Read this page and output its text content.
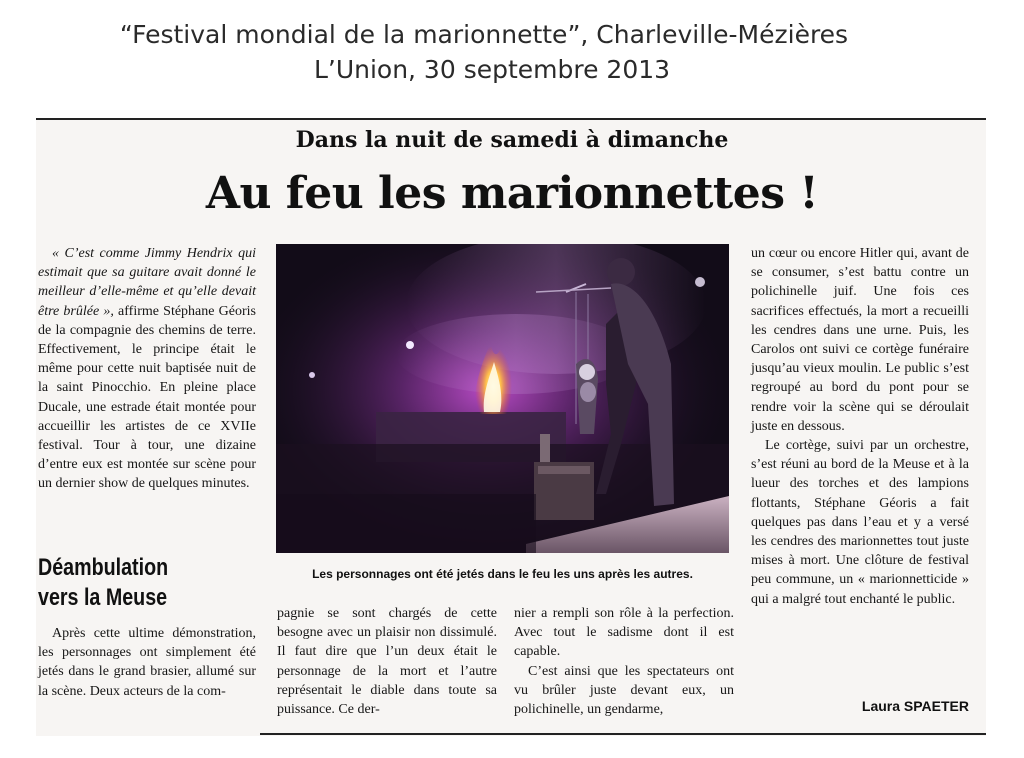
“Festival mondial de la marionnette”, Charleville-Mézières
L’Union, 30 septembre 2013
Dans la nuit de samedi à dimanche
Au feu les marionnettes !

« C’est comme Jimmy Hendrix qui estimait que sa guitare avait donné le meilleur d’elle-même et qu’elle devait être brûlée », affirme Stéphane Géoris de la compagnie des chemins de terre. Effectivement, le principe était le même pour cette nuit baptisée nuit de la saint Pinocchio. En pleine place Ducale, une estrade était montée pour accueillir les artistes de ce XVIIe festival. Tour à tour, une dizaine d’entre eux est montée sur scène pour un dernier show de quelques minutes.

Déambulation
vers la Meuse

Après cette ultime démonstration, les personnages ont simplement été jetés dans le grand brasier, allumé sur la scène. Deux acteurs de la com-

Les personnages ont été jetés dans le feu les uns après les autres.

pagnie se sont chargés de cette besogne avec un plaisir non dissimulé. Il faut dire que l’un deux était le personnage de la mort et l’autre représentait le diable dans toute sa puissance. Ce der-

nier a rempli son rôle à la perfection. Avec tout le sadisme dont il est capable.

C’est ainsi que les spectateurs ont vu brûler juste devant eux, un polichinelle, un gendarme,

un cœur ou encore Hitler qui, avant de se consumer, s’est battu contre un polichinelle juif. Une fois ces sacrifices effectués, la mort a recueilli les cendres dans une urne. Puis, les Carolos ont suivi ce cortège funéraire jusqu’au vieux moulin. Le public s’est regroupé au bord du pont pour se rendre voir la scène qui se déroulait juste en dessous.

Le cortège, suivi par un orchestre, s’est réuni au bord de la Meuse et à la lueur des torches et des lampions flottants, Stéphane Géoris a fait quelques pas dans l’eau et y a versé les cendres des marionnettes tout juste mises à mort. Une clôture de festival peu commune, un « marionnetticide » qui a malgré tout enchanté le public.

Laura SPAETER
